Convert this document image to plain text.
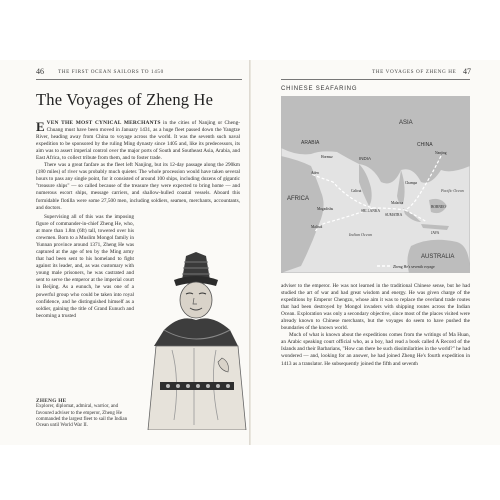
46	THE FIRST OCEAN SAILORS TO 1450	THE VOYAGES OF ZHENG HE 47
The Voyages of Zheng He

EVEN THE MOST CYNICAL MERCHANTS in the cities of Nanjing or Cheng-Chuang must have been moved in January 1431, as a huge fleet passed down the Yangtze River, heading away from China to voyage across the world. It was the seventh such naval expedition to be sponsored by the ruling Ming dynasty since 1405 and, like its predecessors, its aim was to assert imperial control over the major ports of South and Southeast Asia, Arabia, and East Africa, to collect tribute from them, and to foster trade.

There was a great fanfare as the fleet left Nanjing, but its 12-day passage along the 290km (180 miles) of river was probably much quieter. The whole procession would have taken several hours to pass any single point, for it consisted of around 100 ships, including dozens of gigantic "treasure ships" — so called because of the treasure they were expected to bring home — and numerous escort ships, message carriers, and shallow-hulled coastal vessels. Aboard this formidable flotilla were some 27,500 men, including soldiers, seamen, merchants, accountants, and doctors.

Supervising all of this was the imposing figure of commander-in-chief Zheng He, who, at more than 1.8m (6ft) tall, towered over his crewmen. Born to a Muslim Mongol family in Yunnan province around 1371, Zheng He was captured at the age of ten by the Ming army that had been sent to his homeland to fight against its leader, and, as was customary with young male prisoners, he was castrated and sent to serve the emperor at the imperial court in Beijing. As a eunuch, he was one of a powerful group who could be taken into royal confidence, and he distinguished himself as a soldier, gaining the title of Grand Eunuch and becoming a trusted

ZHENG HE
Explorer, diplomat, admiral, warrior, and favoured adviser to the emperor, Zheng He commanded the largest fleet to sail the Indian Ocean until World War II.
CHINESE SEAFARING
ASIA
ARABIA
AFRICA
AUSTRALIA
INDIA
CHINA
Nanjing
Hormuz
Aden
Calicut
Mogadishu
Malindi
SRI LANKA
SUMATRA
JAVA
Malacca
Champa
Indian Ocean
Pacific Ocean
BORNEO
Zheng He's seventh voyage

adviser to the emperor. He was not learned in the traditional Chinese sense, but he had studied the art of war and had great wisdom and energy. He was given charge of the expeditions by Emperor Chengzu, whose aim it was to replace the overland trade routes that had been destroyed by Mongol invaders with shipping routes across the Indian Ocean. Exploration was only a secondary objective, since most of the places visited were already known to Chinese merchants, but the voyages do seem to have pushed the boundaries of the known world.

Much of what is known about the expeditions comes from the writings of Ma Huan, an Arabic speaking court official who, as a boy, had read a book called A Record of the Islands and their Barbarians, "How can there be such dissimilarities in the world?" he had wondered — and, looking for an answer, he had joined Zheng He's fourth expedition in 1413 as a translator. He subsequently joined the fifth and seventh
